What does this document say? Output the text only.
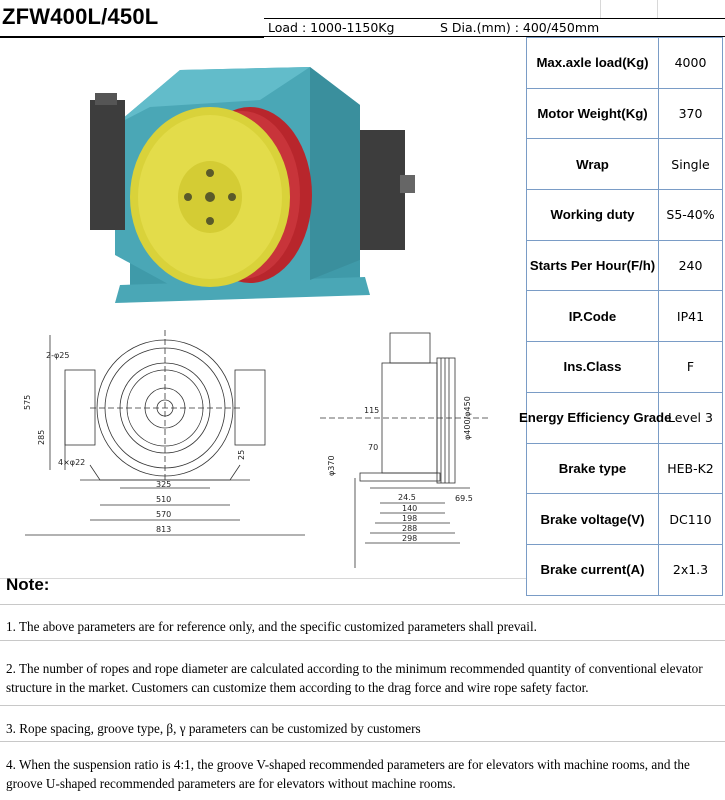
ZFW400L/450L	Load : 1000-1150Kg	S Dia.(mm) : 400/450mm
2-φ25
4×φ22
575
285
25
325
510
570
813
115
70
φ370
φ400/φ450
69.5
24.5
140
198
288
298
Max.axle load(Kg)	4000
Motor Weight(Kg)	370
Wrap	Single
Working duty	S5-40%
Starts Per Hour(F/h)	240
IP.Code	IP41
Ins.Class	F
Energy Efficiency Grade	Level 3
Brake type	HEB-K2
Brake voltage(V)	DC110
Brake current(A)	2x1.3
Note:
1. The above parameters are for reference only, and the specific customized parameters shall prevail.
2. The number of ropes and rope diameter are calculated according to the minimum recommended quantity of conventional elevator structure in the market. Customers can customize them according to the drag force and wire rope safety factor.
3. Rope spacing, groove type, β, γ parameters can be customized by customers
4. When the suspension ratio is 4:1, the groove V-shaped recommended parameters are for elevators with machine rooms, and the groove U-shaped recommended parameters are for elevators without machine rooms.
